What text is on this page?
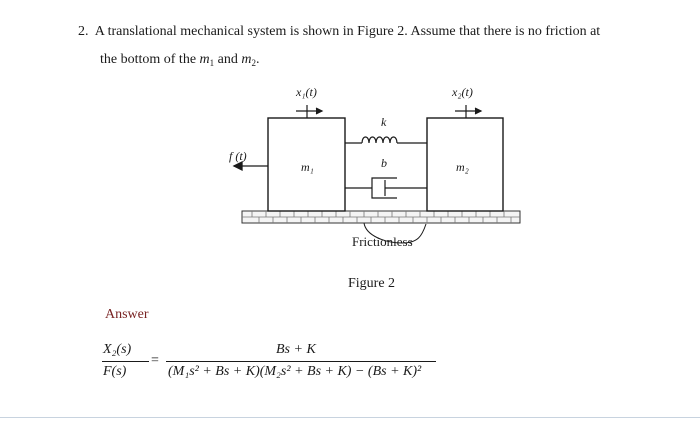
2. A translational mechanical system is shown in Figure 2. Assume that there is no friction at
the bottom of the $m_1$ and $m_2$.
x₁(t)	x₂(t)
f (t)
m₁	m₂
k
b
Frictionless
Figure 2
Answer
X₂(s)
F(s)
=
Bs + K
(M₁s² + Bs + K)(M₂s² + Bs + K) − (Bs + K)²
